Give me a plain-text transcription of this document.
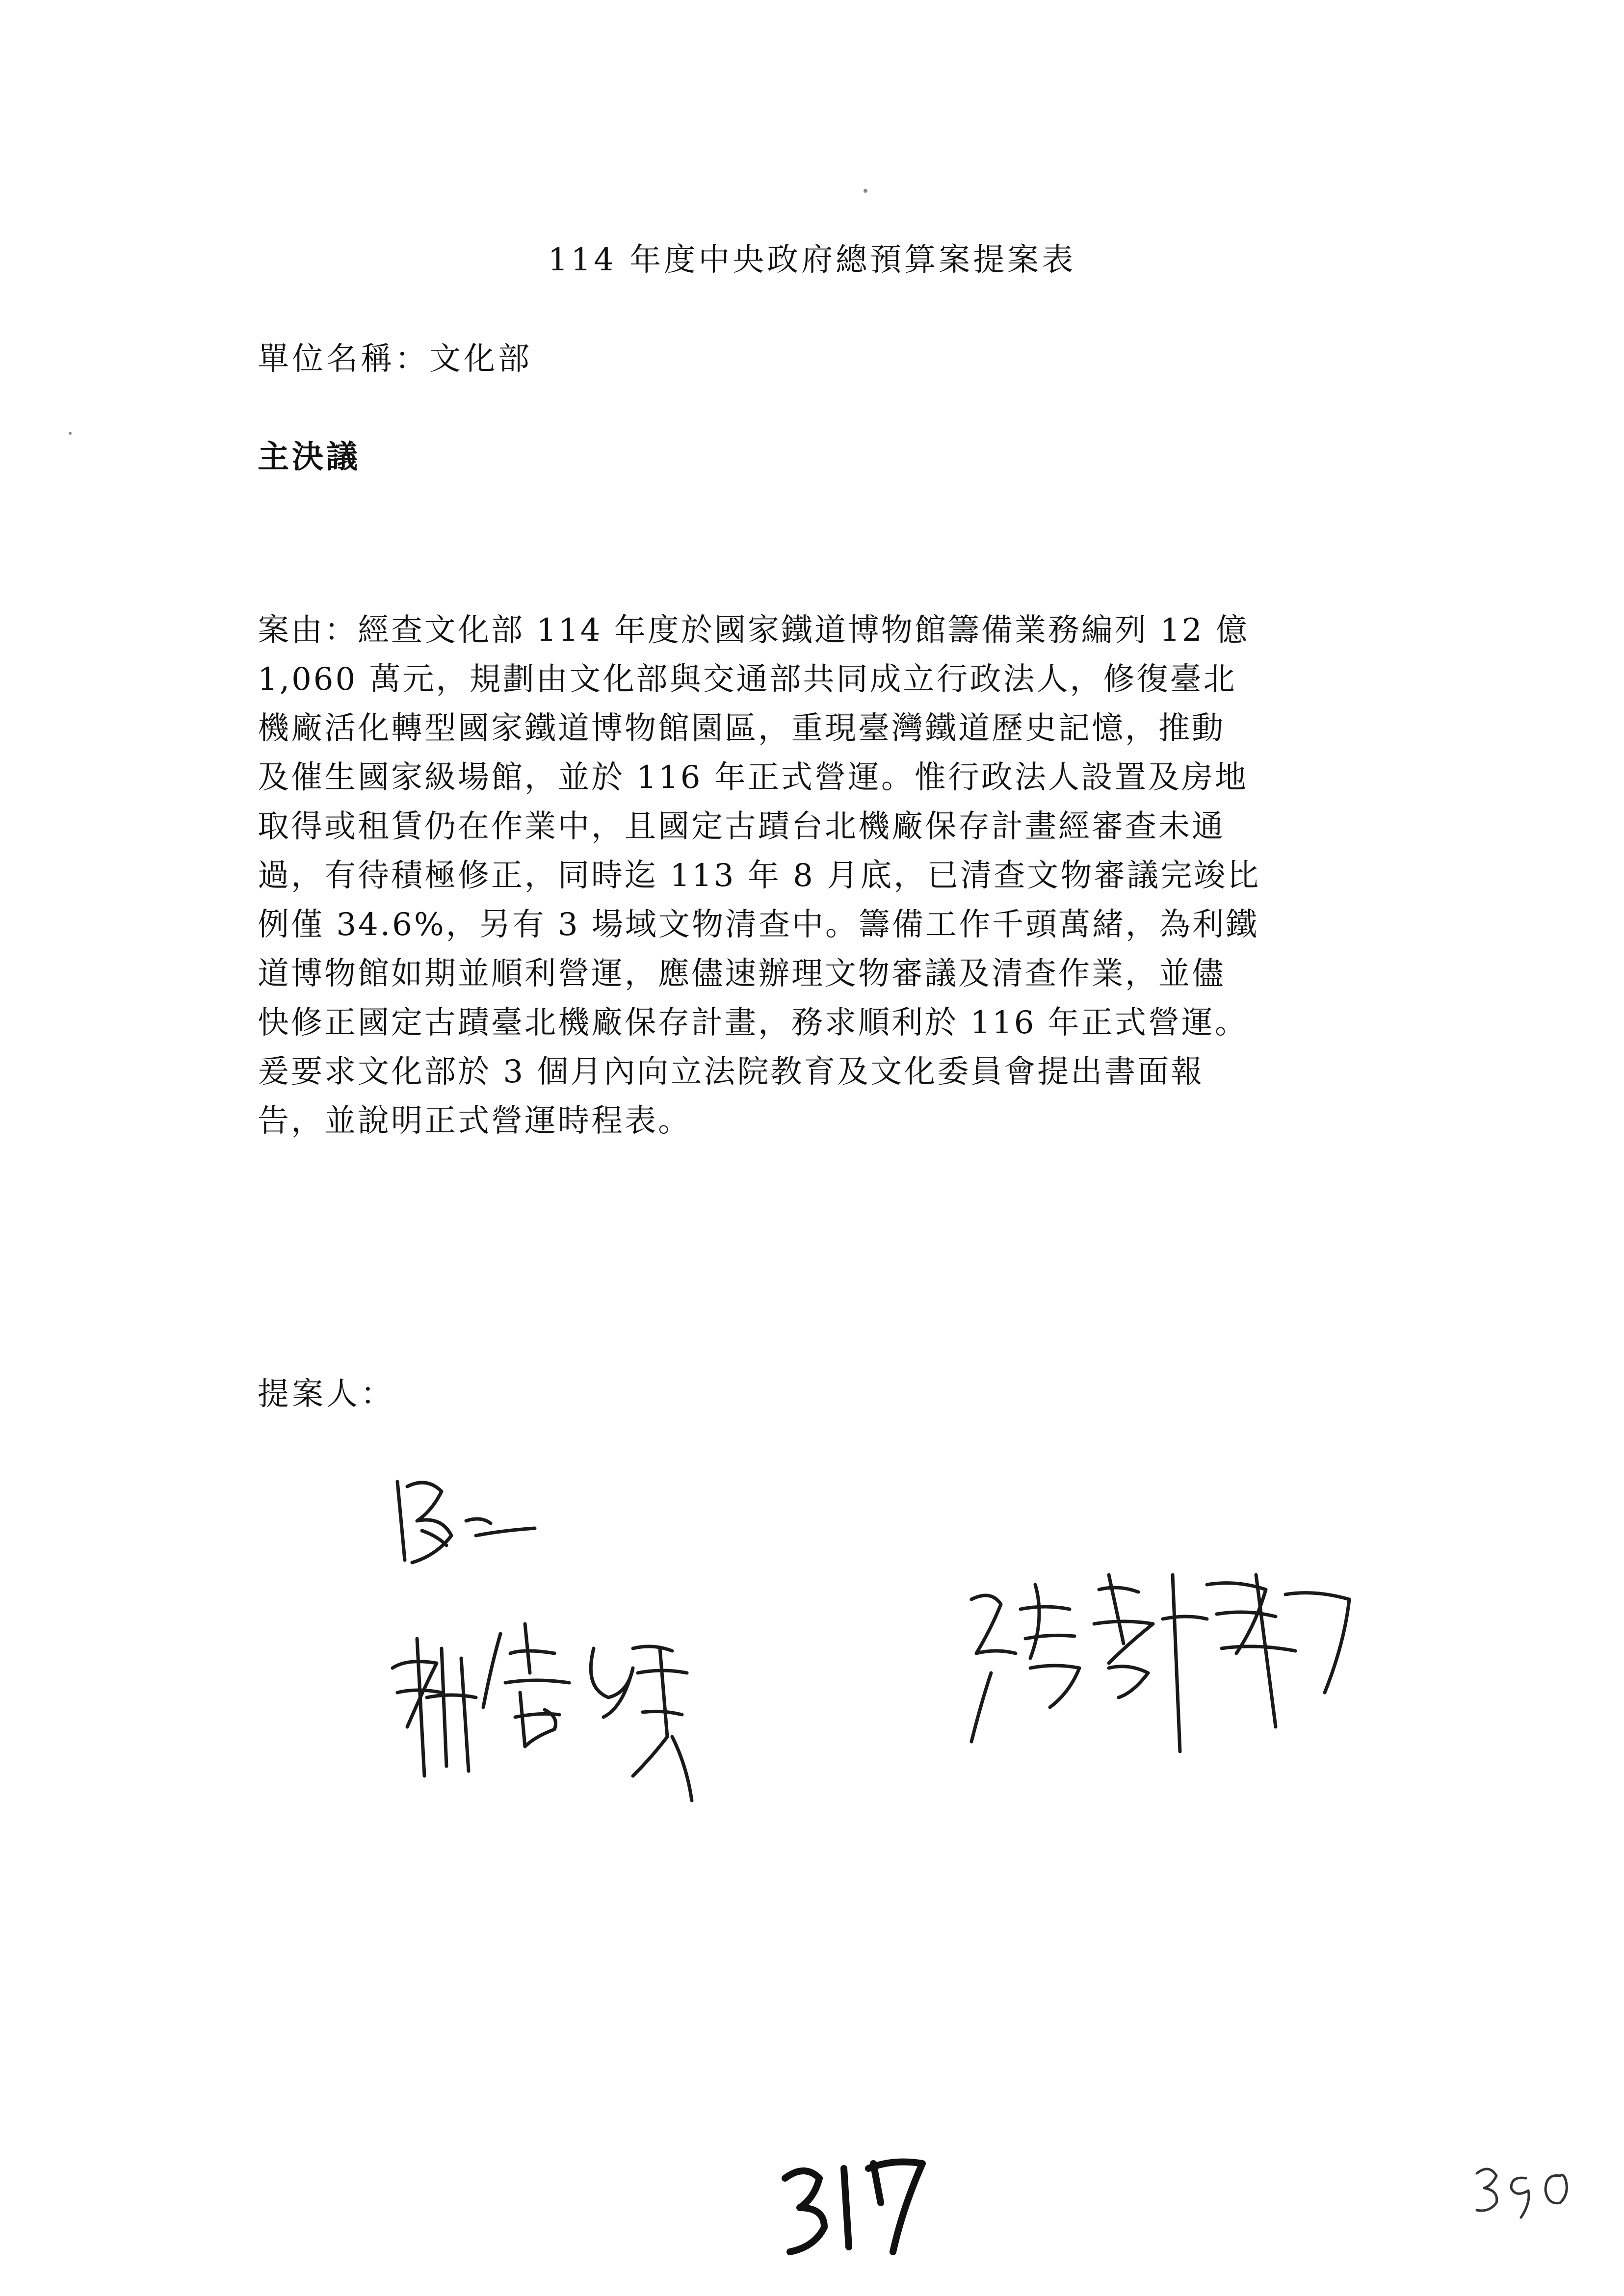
114 年度中央政府總預算案提案表
單位名稱：文化部
主決議
案由：經查文化部 114 年度於國家鐵道博物館籌備業務編列 12 億
1,060 萬元，規劃由文化部與交通部共同成立行政法人，修復臺北
機廠活化轉型國家鐵道博物館園區，重現臺灣鐵道歷史記憶，推動
及催生國家級場館，並於 116 年正式營運。惟行政法人設置及房地
取得或租賃仍在作業中，且國定古蹟台北機廠保存計畫經審查未通
過，有待積極修正，同時迄 113 年 8 月底，已清查文物審議完竣比
例僅 34.6%，另有 3 場域文物清查中。籌備工作千頭萬緒，為利鐵
道博物館如期並順利營運，應儘速辦理文物審議及清查作業，並儘
快修正國定古蹟臺北機廠保存計畫，務求順利於 116 年正式營運。
爰要求文化部於 3 個月內向立法院教育及文化委員會提出書面報
告，並說明正式營運時程表。
提案人：
